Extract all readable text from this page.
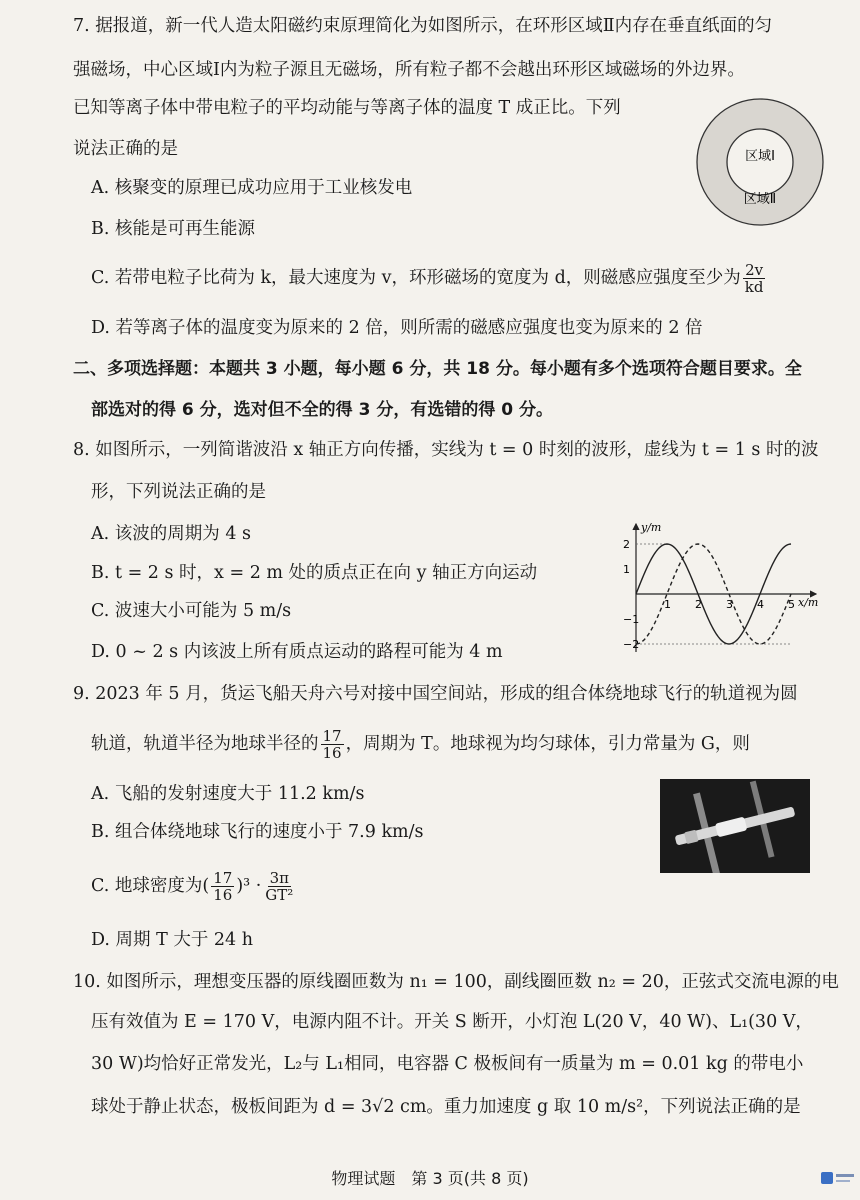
7. 据报道，新一代人造太阳磁约束原理简化为如图所示，在环形区域Ⅱ内存在垂直纸面的匀
强磁场，中心区域Ⅰ内为粒子源且无磁场，所有粒子都不会越出环形区域磁场的外边界。
已知等离子体中带电粒子的平均动能与等离子体的温度 T 成正比。下列
说法正确的是
A. 核聚变的原理已成功应用于工业核发电
B. 核能是可再生能源
C. 若带电粒子比荷为 k，最大速度为 v，环形磁场的宽度为 d，则磁感应强度至少为 $\frac{2v}{kd}$
D. 若等离子体的温度变为原来的 2 倍，则所需的磁感应强度也变为原来的 2 倍
区域Ⅰ
区域Ⅱ
二、多项选择题：本题共 3 小题，每小题 6 分，共 18 分。每小题有多个选项符合题目要求。全
部选对的得 6 分，选对但不全的得 3 分，有选错的得 0 分。
8. 如图所示，一列简谐波沿 x 轴正方向传播，实线为 t = 0 时刻的波形，虚线为 t = 1 s 时的波
形，下列说法正确的是
A. 该波的周期为 4 s
B. t = 2 s 时，x = 2 m 处的质点正在向 y 轴正方向运动
C. 波速大小可能为 5 m/s
D. 0 ~ 2 s 内该波上所有质点运动的路程可能为 4 m
y/m
x/m
2
1
−1
−2
1 2 3 4 5
9. 2023 年 5 月，货运飞船天舟六号对接中国空间站，形成的组合体绕地球飞行的轨道视为圆
轨道，轨道半径为地球半径的 $\frac{17}{16}$ ，周期为 T。地球视为均匀球体，引力常量为 G，则
A. 飞船的发射速度大于 11.2 km/s
B. 组合体绕地球飞行的速度小于 7.9 km/s
C. 地球密度为( $\frac{17}{16} )^3 \cdot \frac{3\pi}{\text{GT²}}$
D. 周期 T 大于 24 h
10. 如图所示，理想变压器的原线圈匝数为 n₁ = 100，副线圈匝数 n₂ = 20，正弦式交流电源的电
压有效值为 E = 170 V，电源内阻不计。开关 S 断开，小灯泡 L(20 V，40 W)、L₁(30 V，
30 W)均恰好正常发光，L₂与 L₁相同，电容器 C 极板间有一质量为 m = 0.01 kg 的带电小
球处于静止状态，极板间距为 d = 3√2 cm。重力加速度 g 取 10 m/s²，下列说法正确的是
物理试题　第 3 页(共 8 页)
